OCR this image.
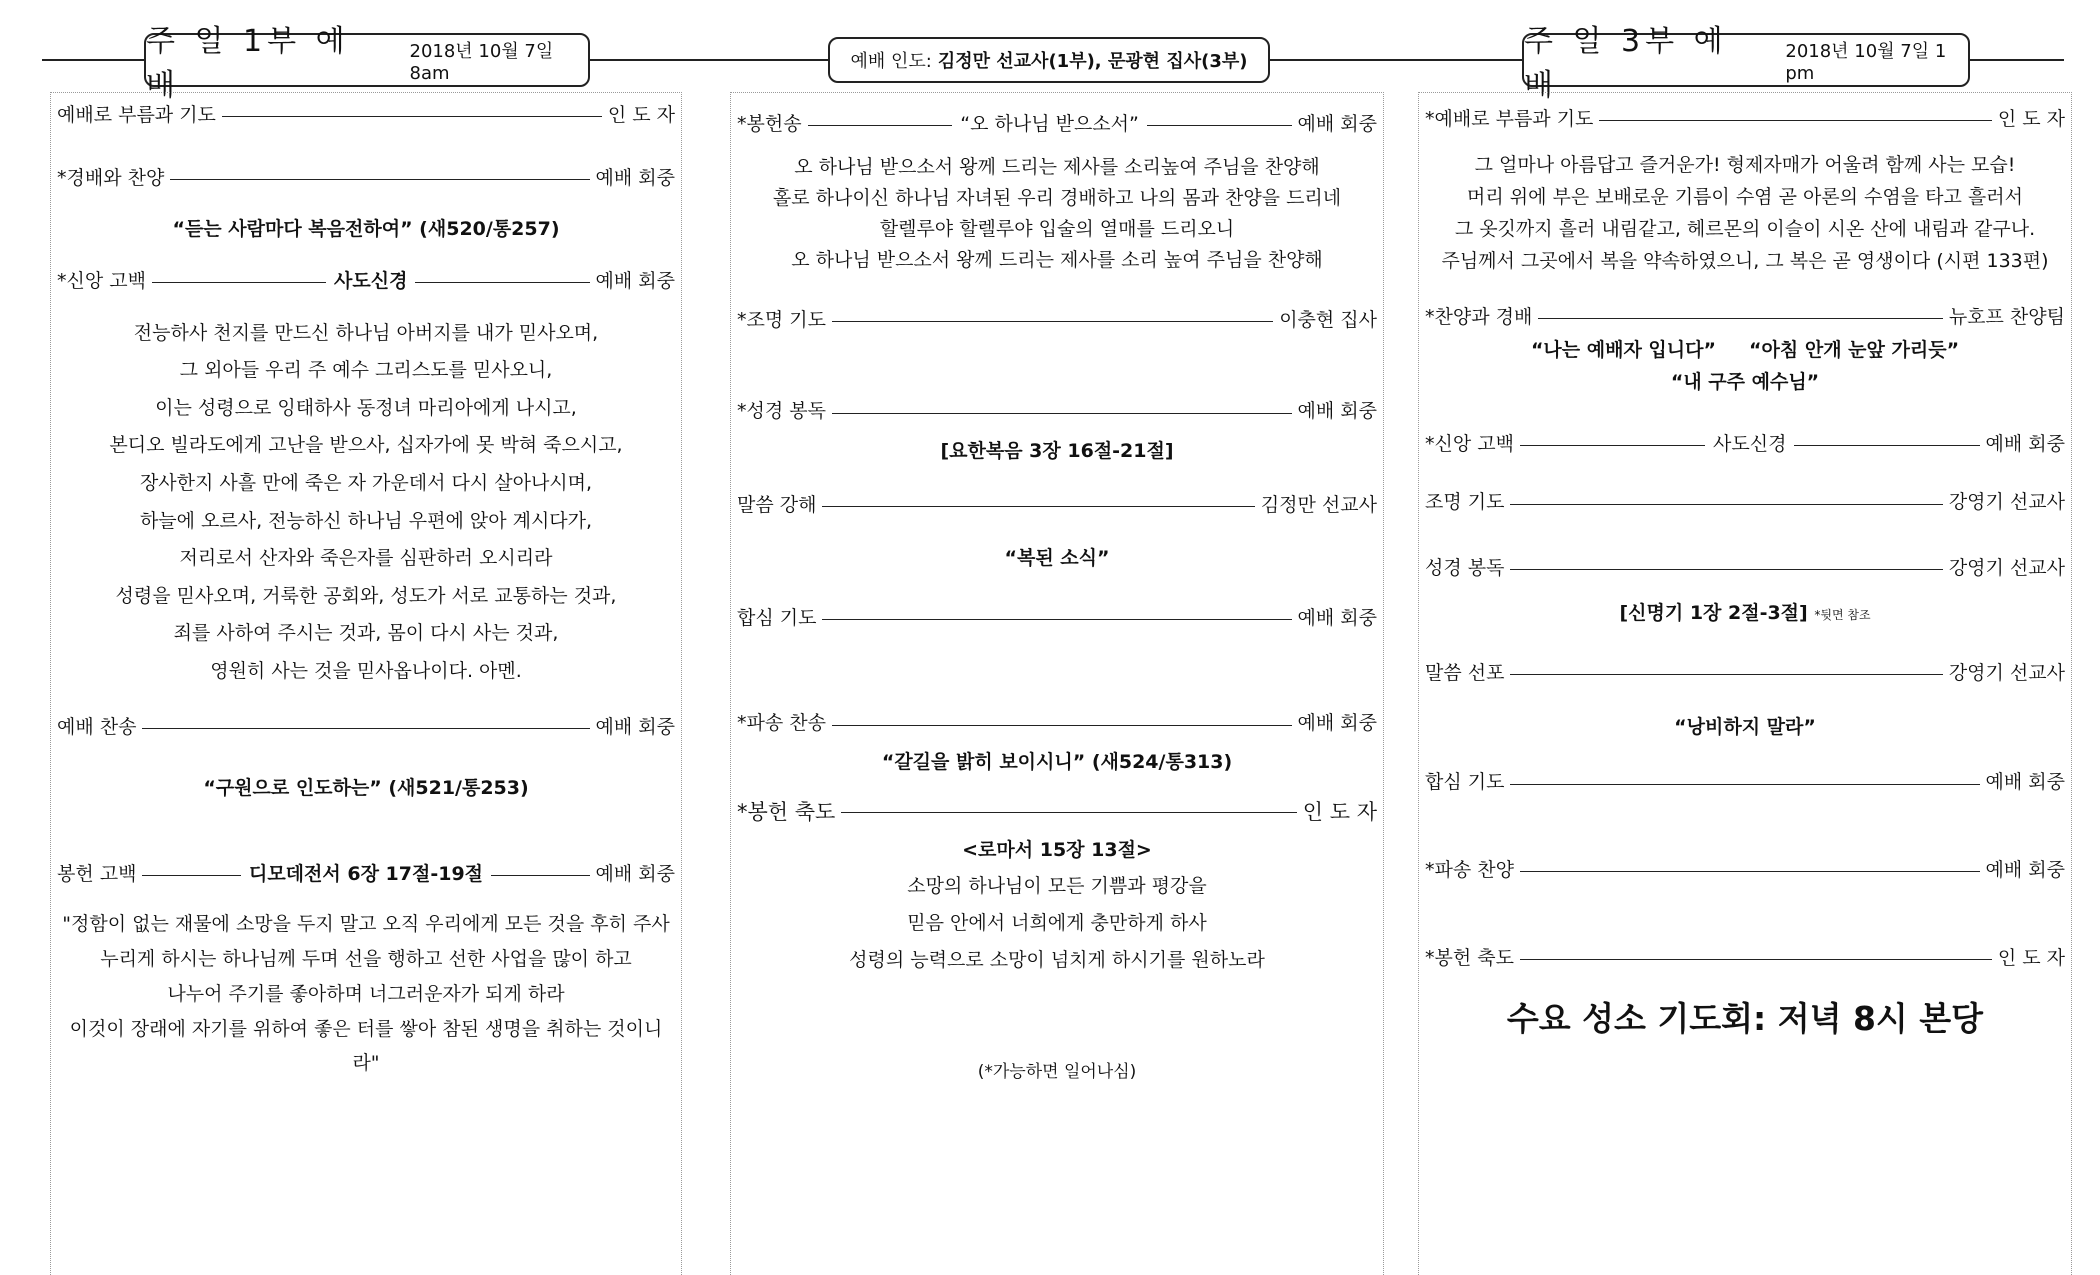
주 일 1부 예 배
2018년 10월 7일 8am
예배 인도: 김정만 선교사(1부), 문광현 집사(3부)
주 일 3부 예 배
2018년 10월 7일 1 pm
예배로 부름과 기도	인 도 자
*경배와 찬양	예배 회중

“듣는 사람마다 복음전하여” (새520/통257)

*신앙 고백	사도신경	예배 회중
전능하사 천지를 만드신 하나님 아버지를 내가 믿사오며,
그 외아들 우리 주 예수 그리스도를 믿사오니,
이는 성령으로 잉태하사 동정녀 마리아에게 나시고,
본디오 빌라도에게 고난을 받으사, 십자가에 못 박혀 죽으시고,
장사한지 사흘 만에 죽은 자 가운데서 다시 살아나시며,
하늘에 오르사, 전능하신 하나님 우편에 앉아 계시다가,
저리로서 산자와 죽은자를 심판하러 오시리라
성령을 믿사오며, 거룩한 공회와, 성도가 서로 교통하는 것과,
죄를 사하여 주시는 것과, 몸이 다시 사는 것과,
영원히 사는 것을 믿사옵나이다. 아멘.
예배 찬송	예배 회중

“구원으로 인도하는” (새521/통253)

봉헌 고백	디모데전서 6장 17절-19절	예배 회중
"정함이 없는 재물에 소망을 두지 말고 오직 우리에게 모든 것을 후히 주사
누리게 하시는 하나님께 두며 선을 행하고 선한 사업을 많이 하고
나누어 주기를 좋아하며 너그러운자가 되게 하라
이것이 장래에 자기를 위하여 좋은 터를 쌓아 참된 생명을 취하는 것이니라"
*봉헌송	“오 하나님 받으소서”	예배 회중
오 하나님 받으소서 왕께 드리는 제사를 소리높여 주님을 찬양해
홀로 하나이신 하나님 자녀된 우리 경배하고 나의 몸과 찬양을 드리네
할렐루야 할렐루야 입술의 열매를 드리오니
오 하나님 받으소서 왕께 드리는 제사를 소리 높여 주님을 찬양해
*조명 기도	이충현 집사
*성경 봉독	예배 회중

[요한복음 3장 16절-21절]

말씀 강해	김정만 선교사

“복된 소식”

합심 기도	예배 회중
*파송 찬송	예배 회중

“갈길을 밝히 보이시니” (새524/통313)

*봉헌 축도	인 도 자

<로마서 15장 13절>

소망의 하나님이 모든 기쁨과 평강을
믿음 안에서 너희에게 충만하게 하사
성령의 능력으로 소망이 넘치게 하시기를 원하노라

(*가능하면 일어나심)

*예배로 부름과 기도	인 도 자
그 얼마나 아름답고 즐거운가! 형제자매가 어울려 함께 사는 모습!
머리 위에 부은 보배로운 기름이 수염 곧 아론의 수염을 타고 흘러서
그 옷깃까지 흘러 내림같고, 헤르몬의 이슬이 시온 산에 내림과 같구나.
주님께서 그곳에서 복을 약속하였으니, 그 복은 곧 영생이다 (시편 133편)
*찬양과 경배	뉴호프 찬양팀

“나는 예배자 입니다”     “아침 안개 눈앞 가리듯”

“내 구주 예수님”

*신앙 고백	사도신경	예배 회중
조명 기도	강영기 선교사
성경 봉독	강영기 선교사

[신명기 1장 2절-3절] *뒷면 참조

말씀 선포	강영기 선교사

“낭비하지 말라”

합심 기도	예배 회중
*파송 찬양	예배 회중
*봉헌 축도	인 도 자

수요 성소 기도회: 저녁 8시 본당
